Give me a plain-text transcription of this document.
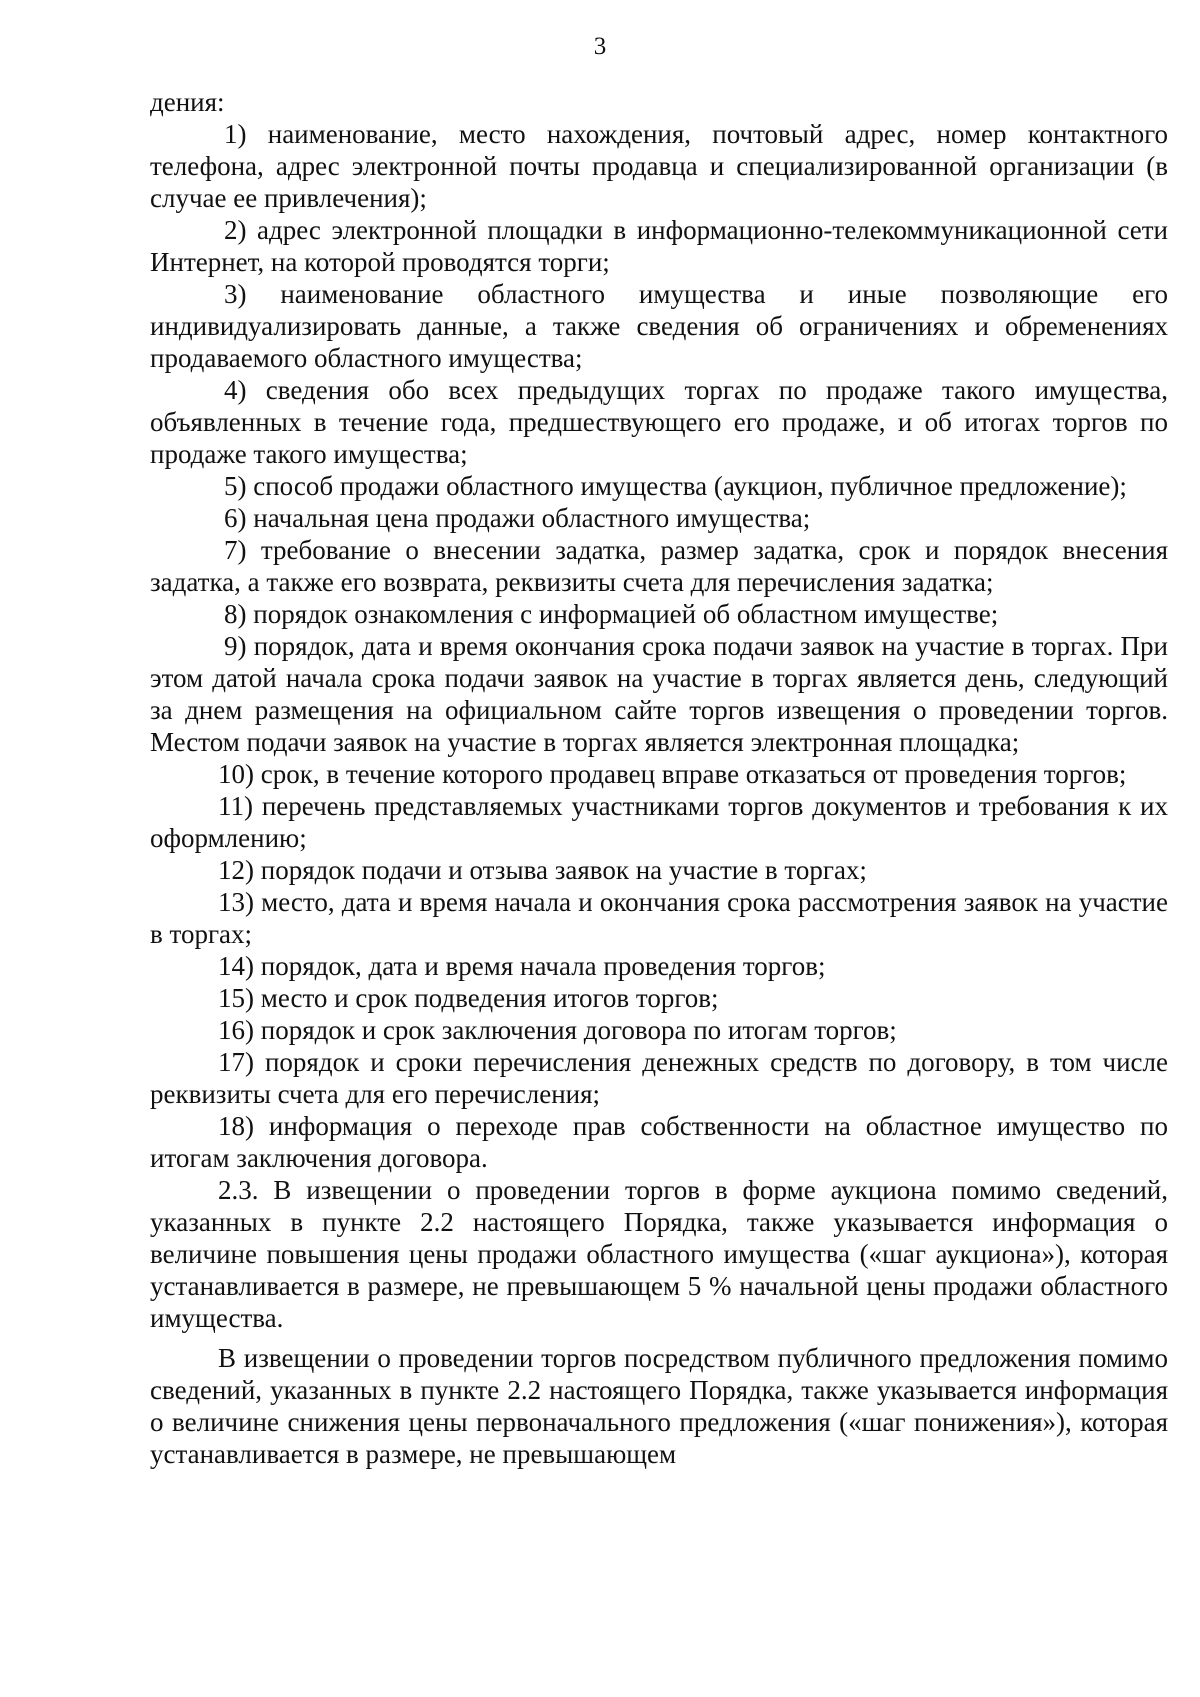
3

дения:

1) наименование, место нахождения, почтовый адрес, номер контактного телефона, адрес электронной почты продавца и специализированной организации (в случае ее привлечения);

2) адрес электронной площадки в информационно-телекоммуникационной сети Интернет, на которой проводятся торги;

3) наименование областного имущества и иные позволяющие его индивидуализировать данные, а также сведения об ограничениях и обременениях продаваемого областного имущества;

4) сведения обо всех предыдущих торгах по продаже такого имущества, объявленных в течение года, предшествующего его продаже, и об итогах торгов по продаже такого имущества;

5) способ продажи областного имущества (аукцион, публичное предложение);

6) начальная цена продажи областного имущества;

7) требование о внесении задатка, размер задатка, срок и порядок внесения задатка, а также его возврата, реквизиты счета для перечисления задатка;

8) порядок ознакомления с информацией об областном имуществе;

9) порядок, дата и время окончания срока подачи заявок на участие в торгах. При этом датой начала срока подачи заявок на участие в торгах является день, следующий за днем размещения на официальном сайте торгов извещения о проведении торгов. Местом подачи заявок на участие в торгах является электронная площадка;

10) срок, в течение которого продавец вправе отказаться от проведения торгов;

11) перечень представляемых участниками торгов документов и требования к их оформлению;

12) порядок подачи и отзыва заявок на участие в торгах;

13) место, дата и время начала и окончания срока рассмотрения заявок на участие в торгах;

14) порядок, дата и время начала проведения торгов;

15) место и срок подведения итогов торгов;

16) порядок и срок заключения договора по итогам торгов;

17) порядок и сроки перечисления денежных средств по договору, в том числе реквизиты счета для его перечисления;

18) информация о переходе прав собственности на областное имущество по итогам заключения договора.

2.3. В извещении о проведении торгов в форме аукциона помимо сведений, указанных в пункте 2.2 настоящего Порядка, также указывается информация о величине повышения цены продажи областного имущества («шаг аукциона»), которая устанавливается в размере, не превышающем 5 % начальной цены продажи областного имущества.

В извещении о проведении торгов посредством публичного предложения помимо сведений, указанных в пункте 2.2 настоящего Порядка, также указывается информация о величине снижения цены первоначального предложения («шаг понижения»), которая устанавливается в размере, не превышающем
